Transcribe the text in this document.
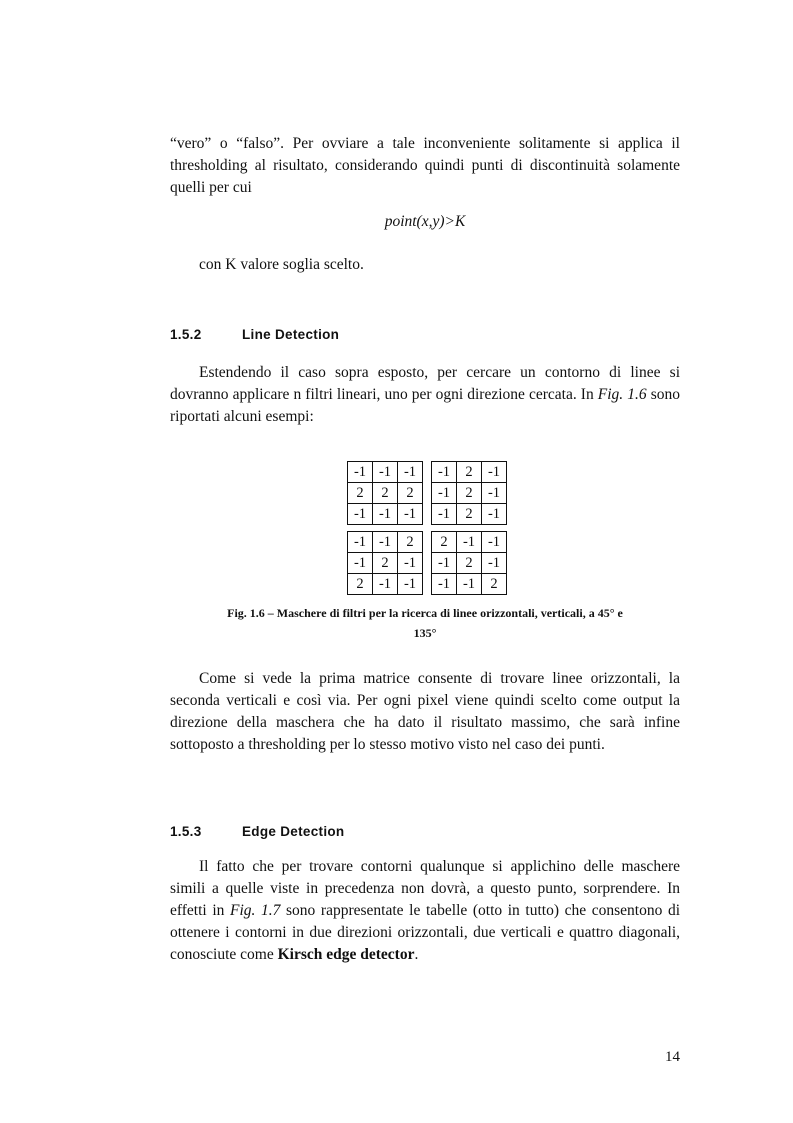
“vero” o “falso”. Per ovviare a tale inconveniente solitamente si applica il thresholding al risultato, considerando quindi punti di discontinuità solamente quelli per cui

point(x,y)>K

con K valore soglia scelto.

1.5.2	Line Detection

Estendendo il caso sopra esposto, per cercare un contorno di linee si dovranno applicare n filtri lineari, uno per ogni direzione cercata. In Fig. 1.6 sono riportati alcuni esempi:

-1	-1	-1
2	2	2
-1	-1	-1
-1	2	-1
-1	2	-1
-1	2	-1
-1	-1	2
-1	2	-1
2	-1	-1
2	-1	-1
-1	2	-1
-1	-1	2
Fig. 1.6 – Maschere di filtri per la ricerca di linee orizzontali, verticali, a 45° e
135°

Come si vede la prima matrice consente di trovare linee orizzontali, la seconda verticali e così via. Per ogni pixel viene quindi scelto come output la direzione della maschera che ha dato il risultato massimo, che sarà infine sottoposto a thresholding per lo stesso motivo visto nel caso dei punti.

1.5.3	Edge Detection

Il fatto che per trovare contorni qualunque si applichino delle maschere simili a quelle viste in precedenza non dovrà, a questo punto, sorprendere. In effetti in Fig. 1.7 sono rappresentate le tabelle (otto in tutto) che consentono di ottenere i contorni in due direzioni orizzontali, due verticali e quattro diagonali, conosciute come Kirsch edge detector.

14
